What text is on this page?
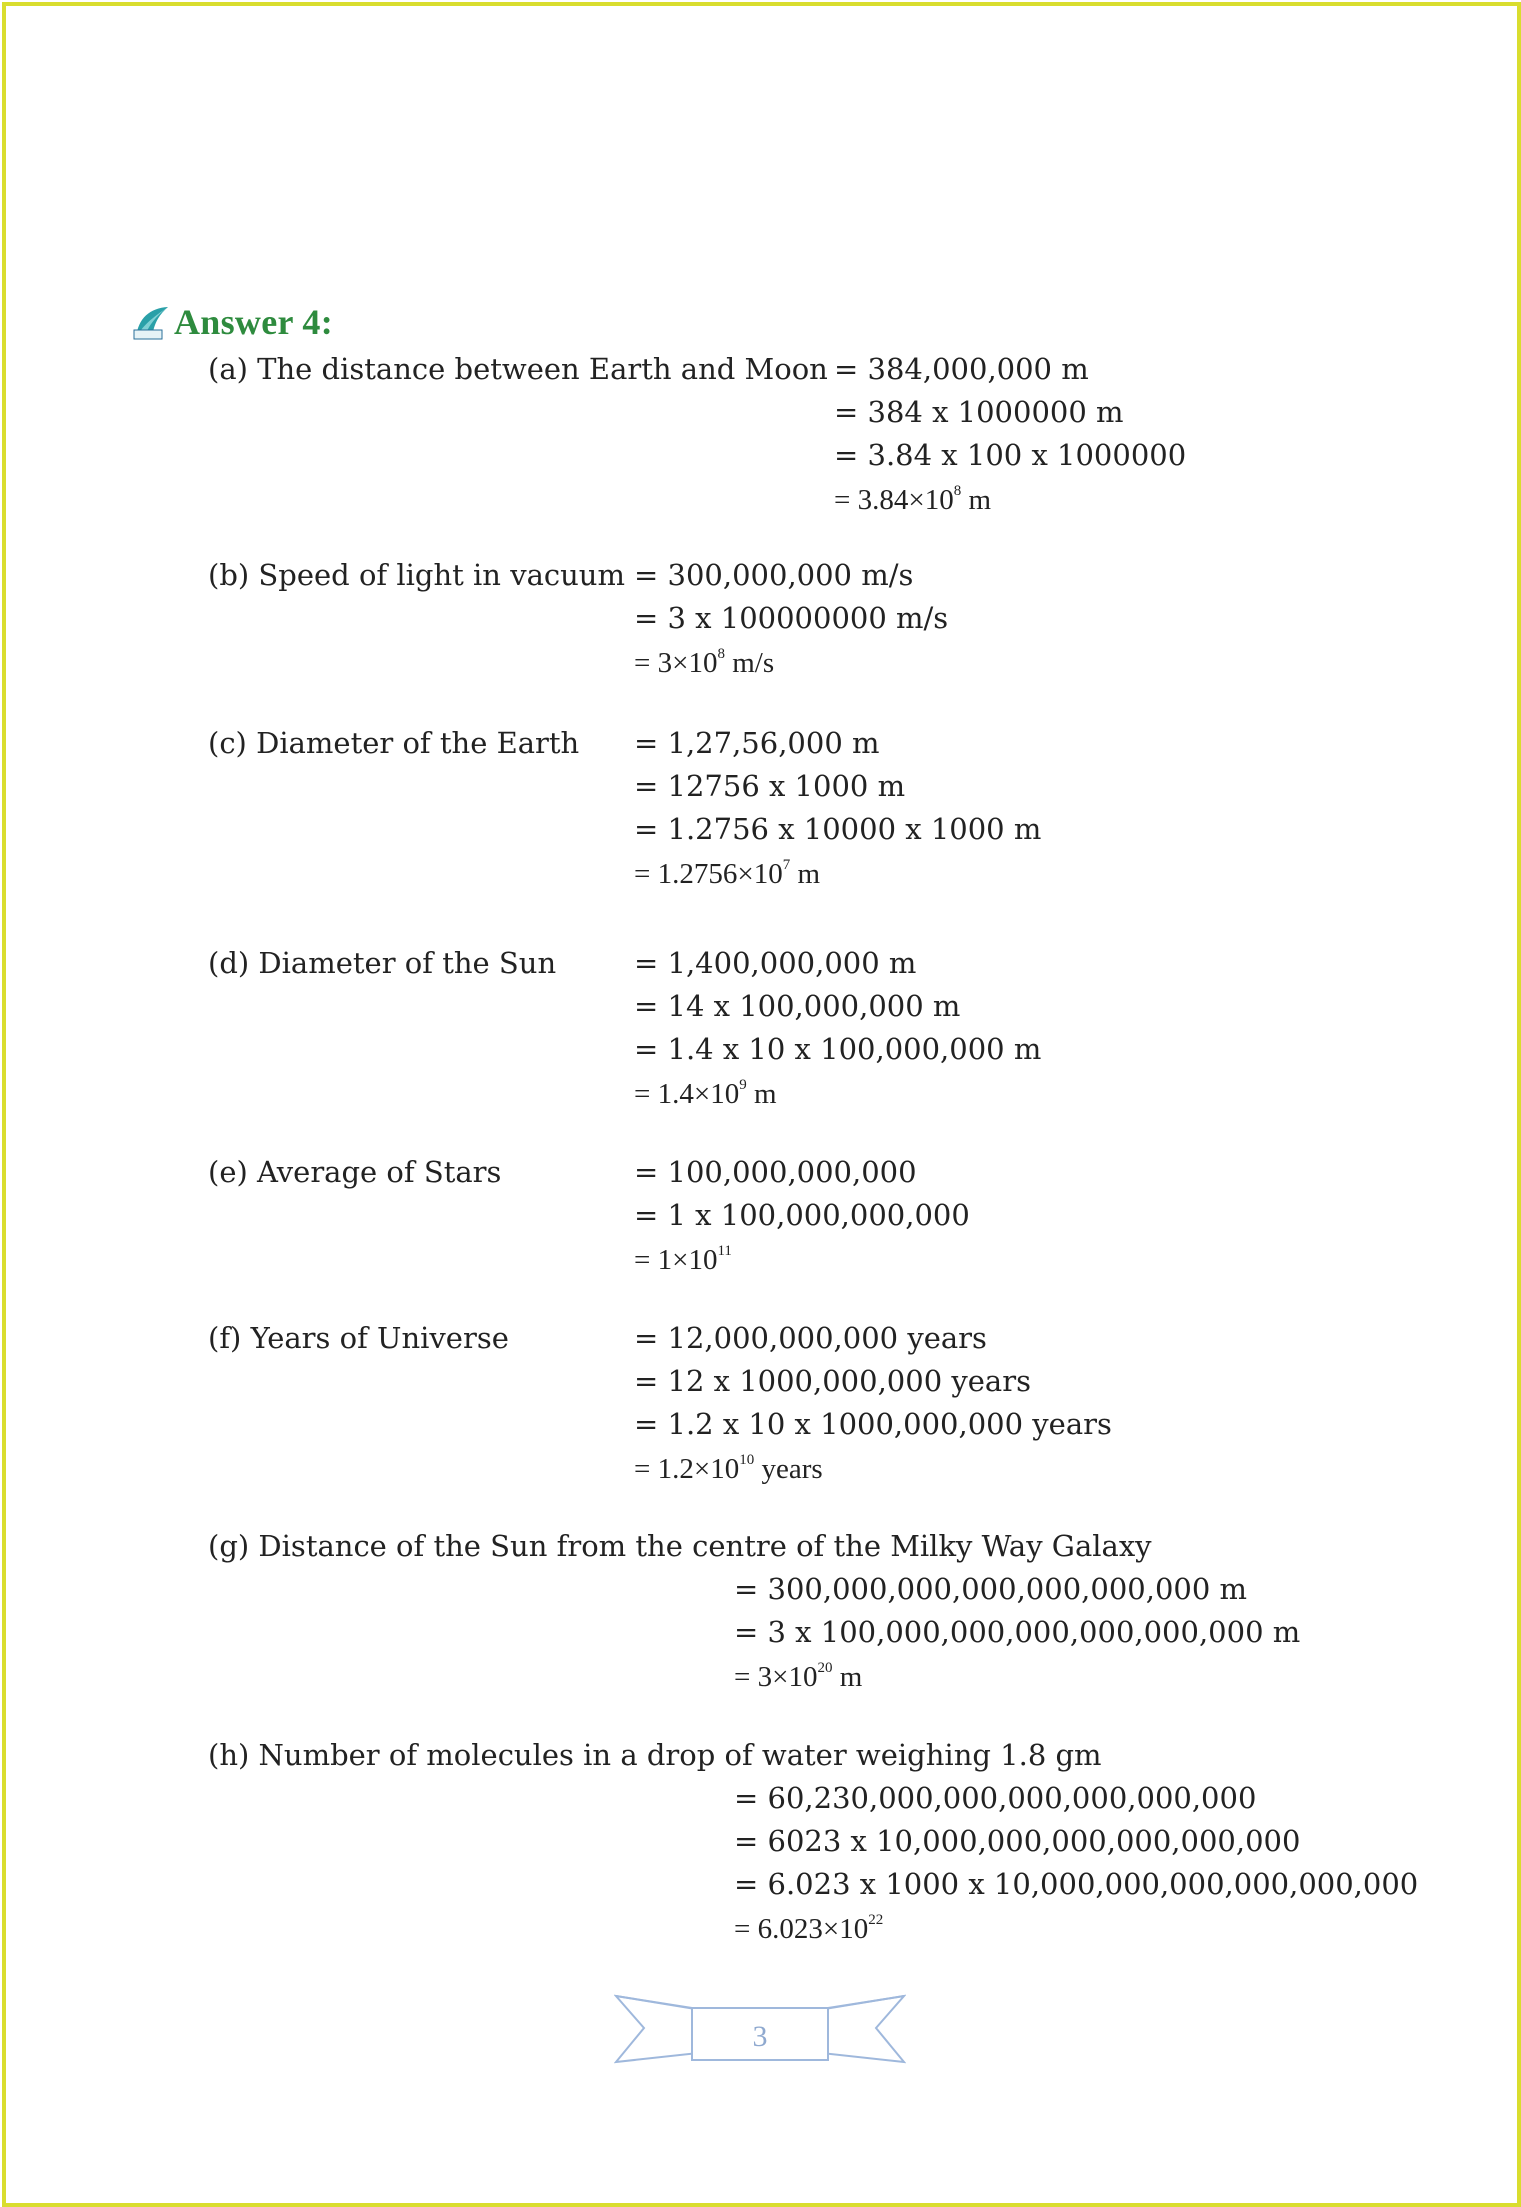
Answer 4:
(a) The distance between Earth and Moon = 384,000,000 m
= 384 x 1000000 m
= 3.84 x 100 x 1000000
= $3.84\times 10^8$ m
(b) Speed of light in vacuum = 300,000,000 m/s
= 3 x 100000000 m/s
= $3\times 10^8$ m/s
(c) Diameter of the Earth = 1,27,56,000 m
= 12756 x 1000 m
= 1.2756 x 10000 x 1000 m
= $1.2756\times 10^7$ m
(d) Diameter of the Sun	= 1,400,000,000 m
= 14 x 100,000,000 m
= 1.4 x 10 x 100,000,000 m
= $1.4\times 10^9$ m
(e) Average of Stars	= 100,000,000,000
= 1 x 100,000,000,000
= $1\times 10^{11}$
(f) Years of Universe	= 12,000,000,000 years
= 12 x 1000,000,000 years
= 1.2 x 10 x 1000,000,000 years
= $1.2\times 10^{10}$ years
(g) Distance of the Sun from the centre of the Milky Way Galaxy
= 300,000,000,000,000,000,000 m
= 3 x 100,000,000,000,000,000,000 m
= $3\times 10^{20}$ m
(h) Number of molecules in a drop of water weighing 1.8 gm
= 60,230,000,000,000,000,000,000
= 6023 x 10,000,000,000,000,000,000
= 6.023 x 1000 x 10,000,000,000,000,000,000
= $6.023\times 10^{22}$
3
